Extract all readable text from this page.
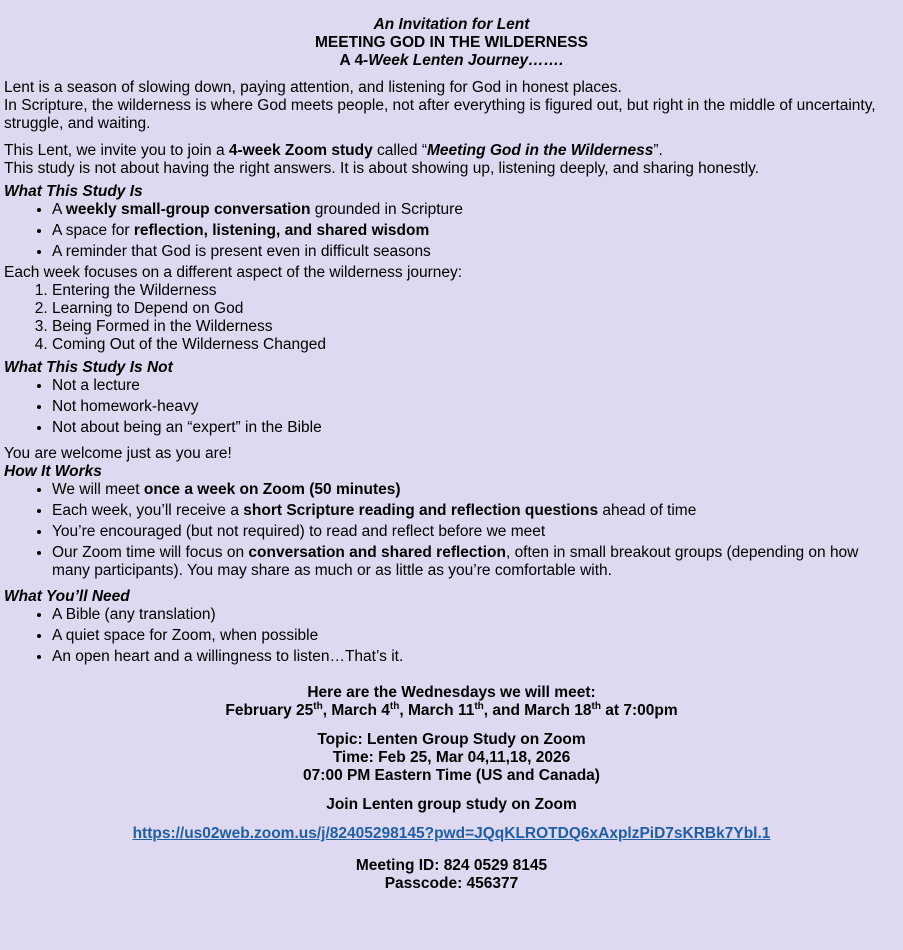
An Invitation for Lent

MEETING GOD IN THE WILDERNESS

A 4-Week Lenten Journey…….

Lent is a season of slowing down, paying attention, and listening for God in honest places.

In Scripture, the wilderness is where God meets people, not after everything is figured out, but right in the middle of uncertainty, struggle, and waiting.

This Lent, we invite you to join a 4-week Zoom study called “Meeting God in the Wilderness”.

This study is not about having the right answers. It is about showing up, listening deeply, and sharing honestly.

What This Study Is
• A weekly small-group conversation grounded in Scripture
• A space for reflection, listening, and shared wisdom
• A reminder that God is present even in difficult seasons

Each week focuses on a different aspect of the wilderness journey:

1. Entering the Wilderness
2. Learning to Depend on God
3. Being Formed in the Wilderness
4. Coming Out of the Wilderness Changed
What This Study Is Not
• Not a lecture
• Not homework-heavy
• Not about being an “expert” in the Bible

You are welcome just as you are!

How It Works
• We will meet once a week on Zoom (50 minutes)
• Each week, you’ll receive a short Scripture reading and reflection questions ahead of time
• You’re encouraged (but not required) to read and reflect before we meet
• Our Zoom time will focus on conversation and shared reflection, often in small breakout groups (depending on how many participants). You may share as much or as little as you’re comfortable with.
What You’ll Need
• A Bible (any translation)
• A quiet space for Zoom, when possible
• An open heart and a willingness to listen…That’s it.

Here are the Wednesdays we will meet:

February 25th, March 4th, March 11th, and March 18th at 7:00pm

Topic: Lenten Group Study on Zoom

Time: Feb 25, Mar 04,11,18, 2026

07:00 PM Eastern Time (US and Canada)

Join Lenten group study on Zoom

https://us02web.zoom.us/j/82405298145?pwd=JQqKLROTDQ6xAxplzPiD7sKRBk7Ybl.1

Meeting ID: 824 0529 8145

Passcode: 456377
